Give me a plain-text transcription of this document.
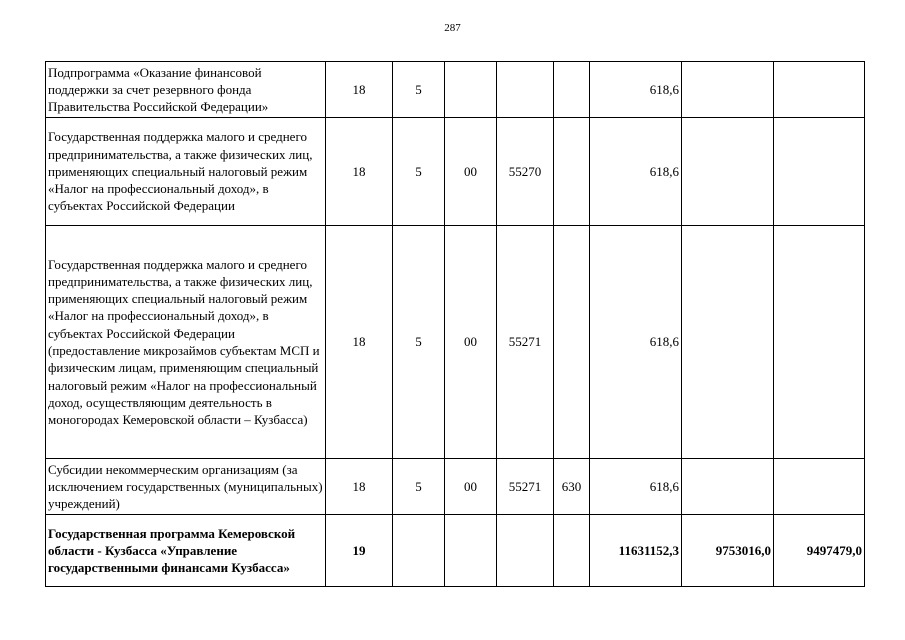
287
Подпрограмма «Оказание финансовой поддержки за счет резервного фонда Правительства Российской Федерации»	18	5				618,6		
Государственная поддержка малого и среднего предпринимательства, а также физических лиц, применяющих специальный налоговый режим «Налог на профессиональный доход», в субъектах Российской Федерации	18	5	00	55270		618,6		
Государственная поддержка малого и среднего предпринимательства, а также физических лиц, применяющих специальный налоговый режим «Налог на профессиональный доход», в субъектах Российской Федерации (предоставление микрозаймов субъектам МСП и физическим лицам, применяющим специальный налоговый режим «Налог на профессиональный доход, осуществляющим деятельность в моногородах Кемеровской области – Кузбасса)	18	5	00	55271		618,6		
Субсидии некоммерческим организациям (за исключением государственных (муниципальных) учреждений)	18	5	00	55271	630	618,6		
Государственная программа Кемеровской области - Кузбасса «Управление государственными финансами Кузбасса»	19					11631152,3	9753016,0	9497479,0
